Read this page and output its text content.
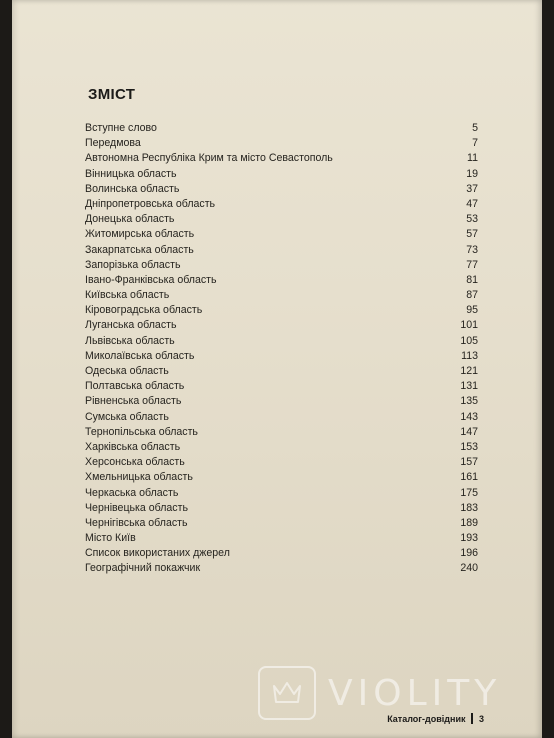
ЗМІСТ
Вступне слово	5
Передмова	7
Автономна Республіка Крим та місто Севастополь	11
Вінницька область	19
Волинська область	37
Дніпропетровська область	47
Донецька область	53
Житомирська область	57
Закарпатська область	73
Запорізька область	77
Івано-Франківська область	81
Київська область	87
Кіровоградська область	95
Луганська область	101
Львівська область	105
Миколаївська область	113
Одеська область	121
Полтавська область	131
Рівненська область	135
Сумська область	143
Тернопільська область	147
Харківська область	153
Херсонська область	157
Хмельницька область	161
Черкаська область	175
Чернівецька область	183
Чернігівська область	189
Місто Київ	193
Список використаних джерел	196
Географічний покажчик	240
Каталог-довідник 3
VIOLITY
